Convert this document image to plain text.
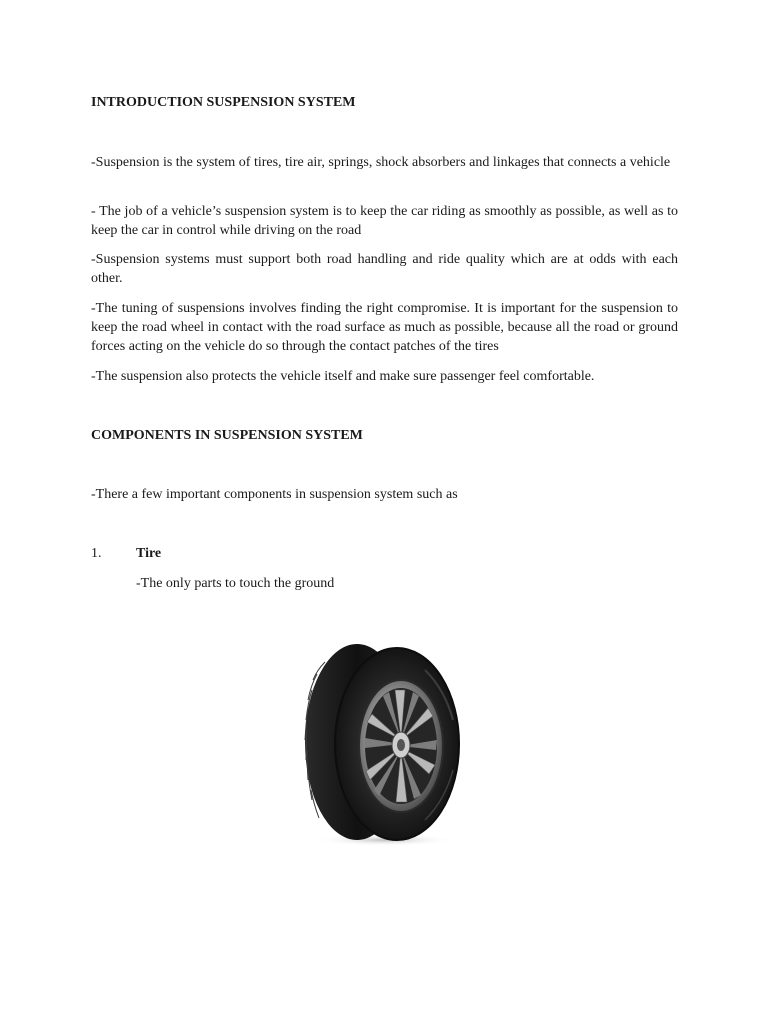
INTRODUCTION SUSPENSION SYSTEM
-Suspension is the system of tires, tire air, springs, shock absorbers and linkages that connects a vehicle
- The job of a vehicle’s suspension system is to keep the car riding as smoothly as possible, as well as to keep the car in control while driving on the road
-Suspension systems must support both road handling and ride quality which are at odds with each other.
-The tuning of suspensions involves finding the right compromise. It is important for the suspension to keep the road wheel in contact with the road surface as much as possible, because all the road or ground forces acting on the vehicle do so through the contact patches of the tires
-The suspension also protects the vehicle itself and make sure passenger feel comfortable.
COMPONENTS IN SUSPENSION SYSTEM
-There a few important components in suspension system such as
1. Tire
-The only parts to touch the ground
